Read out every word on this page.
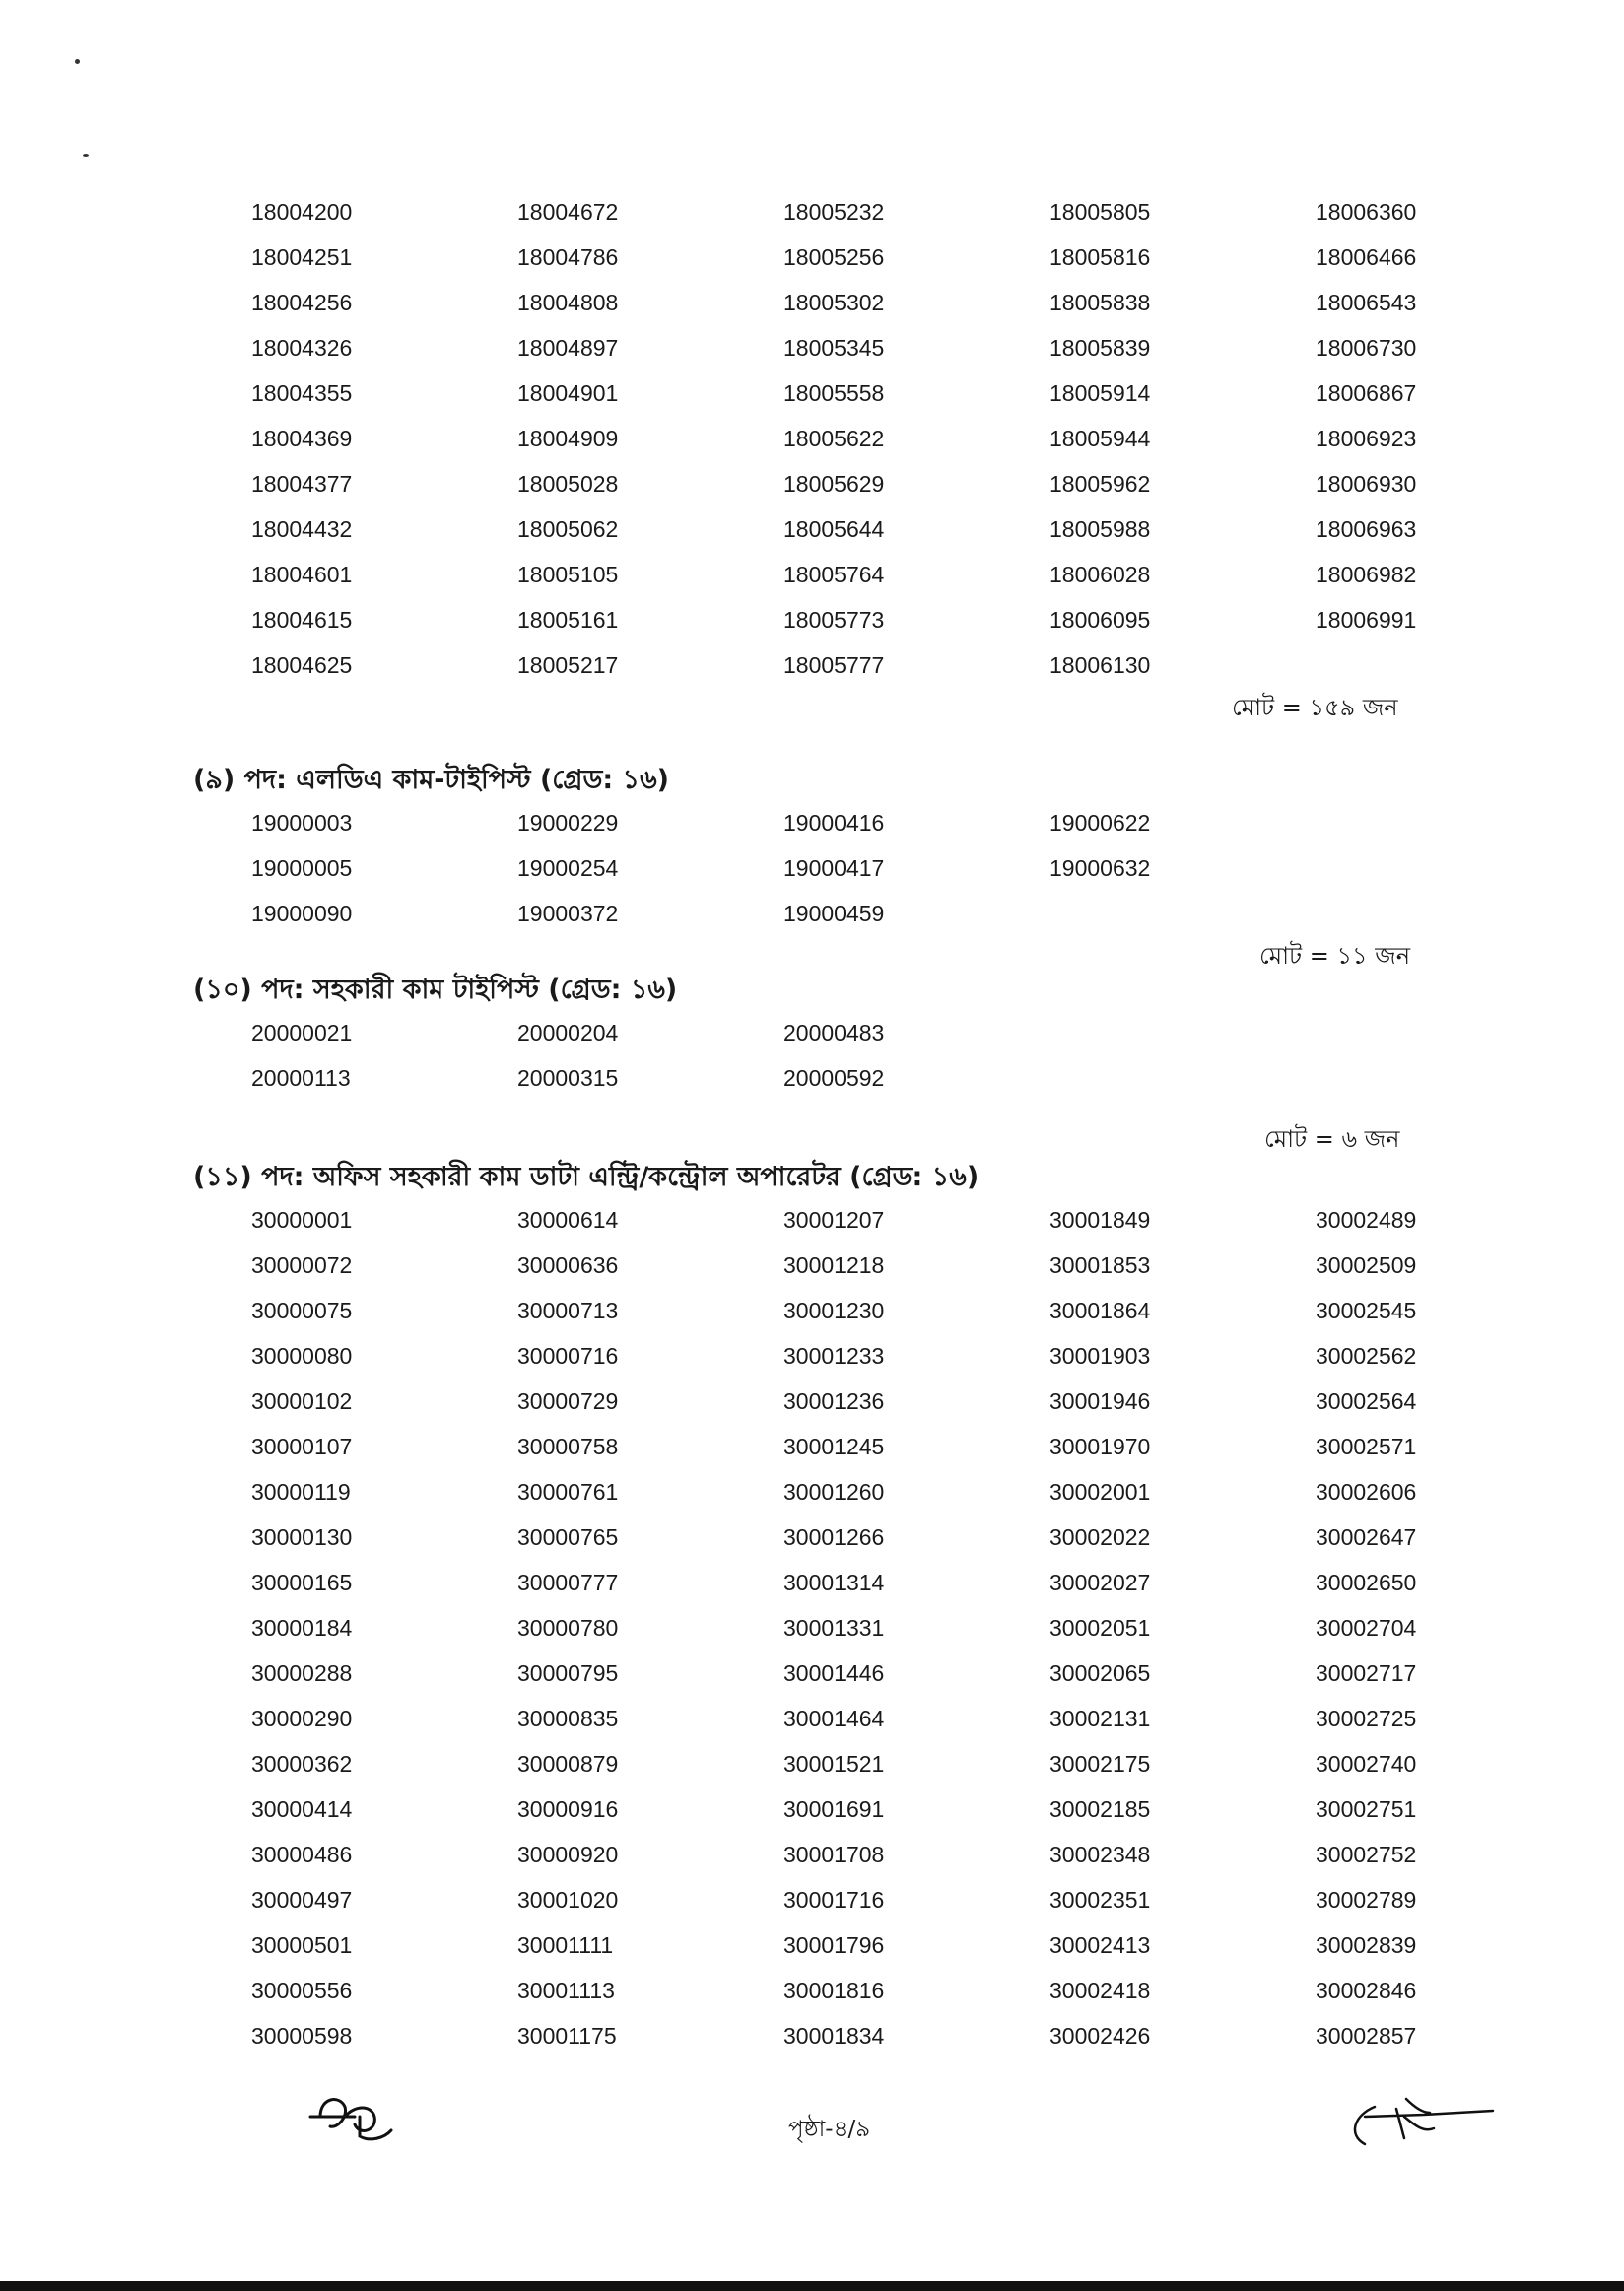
18004200	18004672	18005232	18005805	18006360
18004251	18004786	18005256	18005816	18006466
18004256	18004808	18005302	18005838	18006543
18004326	18004897	18005345	18005839	18006730
18004355	18004901	18005558	18005914	18006867
18004369	18004909	18005622	18005944	18006923
18004377	18005028	18005629	18005962	18006930
18004432	18005062	18005644	18005988	18006963
18004601	18005105	18005764	18006028	18006982
18004615	18005161	18005773	18006095	18006991
18004625	18005217	18005777	18006130
মোট = ১৫৯ জন
(৯) পদ: এলডিএ কাম-টাইপিস্ট (গ্রেড: ১৬)
19000003	19000229	19000416	19000622
19000005	19000254	19000417	19000632
19000090	19000372	19000459
মোট = ১১ জন
(১০) পদ: সহকারী কাম টাইপিস্ট (গ্রেড: ১৬)
20000021	20000204	20000483
20000113	20000315	20000592
মোট = ৬ জন
(১১) পদ: অফিস সহকারী কাম ডাটা এন্ট্রি/কন্ট্রোল অপারেটর (গ্রেড: ১৬)
30000001	30000614	30001207	30001849	30002489
30000072	30000636	30001218	30001853	30002509
30000075	30000713	30001230	30001864	30002545
30000080	30000716	30001233	30001903	30002562
30000102	30000729	30001236	30001946	30002564
30000107	30000758	30001245	30001970	30002571
30000119	30000761	30001260	30002001	30002606
30000130	30000765	30001266	30002022	30002647
30000165	30000777	30001314	30002027	30002650
30000184	30000780	30001331	30002051	30002704
30000288	30000795	30001446	30002065	30002717
30000290	30000835	30001464	30002131	30002725
30000362	30000879	30001521	30002175	30002740
30000414	30000916	30001691	30002185	30002751
30000486	30000920	30001708	30002348	30002752
30000497	30001020	30001716	30002351	30002789
30000501	30001111	30001796	30002413	30002839
30000556	30001113	30001816	30002418	30002846
30000598	30001175	30001834	30002426	30002857
পৃষ্ঠা-৪/৯
